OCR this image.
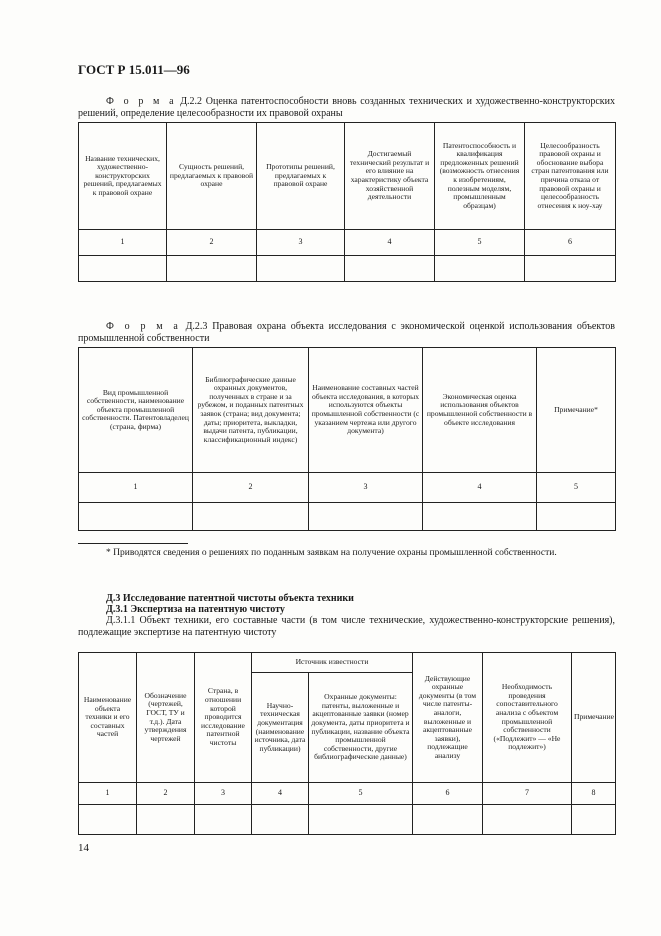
ГОСТ Р 15.011—96
Ф о р м а Д.2.2 Оценка патентоспособности вновь созданных технических и художественно-конструкторских решений, определение целесообразности их правовой охраны
Название технических, художественно-конструкторских решений, предлагаемых к правовой охране	Сущность решений, предлагаемых к правовой охране	Прототипы решений, предлагаемых к правовой охране	Достигаемый технический результат и его влияние на характеристику объекта хозяйственной деятельности	Патентоспособность и квалификация предложенных решений (возможность отнесения к изобретениям, полезным моделям, промышленным образцам)	Целесообразность правовой охраны и обоснование выбора стран патентования или причина отказа от правовой охраны и целесообразность отнесения к ноу-хау
1	2	3	4	5	6

Ф о р м а Д.2.3 Правовая охрана объекта исследования с экономической оценкой использования объектов промышленной собственности
Вид промышленной собственности, наименование объекта промышленной собственности. Патентовладелец (страна, фирма)	Библиографические данные охранных документов, полученных в стране и за рубежом, и поданных патентных заявок (страна; вид документа; даты; приоритета, выкладки, выдачи патента, публикации, классификационный индекс)	Наименование составных частей объекта исследования, в которых используются объекты промышленной собственности (с указанием чертежа или другого документа)	Экономическая оценка использования объектов промышленной собственности в объекте исследования	Примечание*
1	2	3	4	5

* Приводятся сведения о решениях по поданным заявкам на получение охраны промышленной собственности.
Д.3 Исследование патентной чистоты объекта техники
Д.3.1 Экспертиза на патентную чистоту
Д.3.1.1 Объект техники, его составные части (в том числе технические, художественно-конструкторские решения), подлежащие экспертизе на патентную чистоту
Наименование объекта техники и его составных частей	Обозначение (чертежей, ГОСТ, ТУ и т.д.). Дата утверждения чертежей	Страна, в отношении которой проводится исследование патентной чистоты	Источник известности		Действующие охранные документы (в том числе патенты-аналоги, выложенные и акцептованные заявки), подлежащие анализу	Необходимость проведения сопоставительного анализа с объектом промышленной собственности («Подлежит» — «Не подлежит»)	Примечание
			Научно-техническая документация (наименование источника, дата публикации)	Охранные документы: патенты, выложенные и акцептованные заявки (номер документа, даты приоритета и публикации, название объекта промышленной собственности, другие библиографические данные)			
1	2	3	4	5	6	7	8

14
